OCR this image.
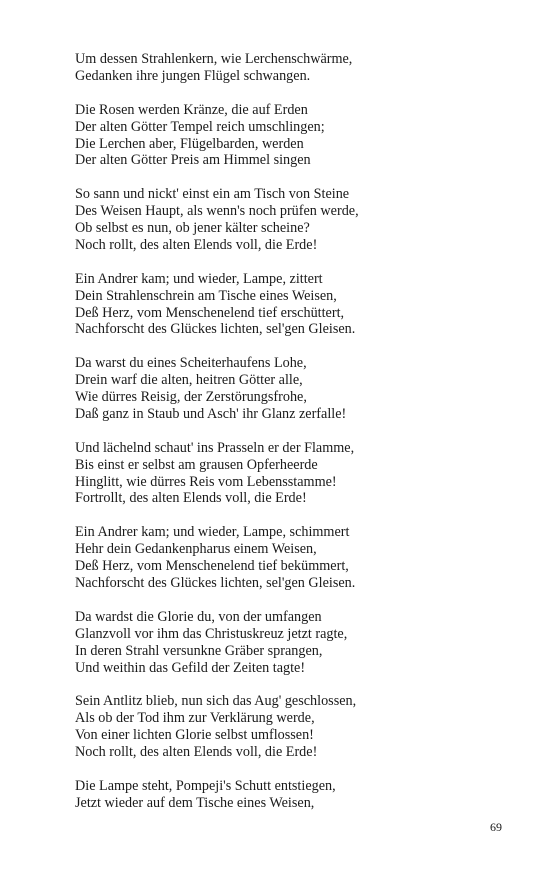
Um dessen Strahlenkern, wie Lerchenschwärme,
Gedanken ihre jungen Flügel schwangen.
Die Rosen werden Kränze, die auf Erden
Der alten Götter Tempel reich umschlingen;
Die Lerchen aber, Flügelbarden, werden
Der alten Götter Preis am Himmel singen
So sann und nickt' einst ein am Tisch von Steine
Des Weisen Haupt, als wenn's noch prüfen werde,
Ob selbst es nun, ob jener kälter scheine?
Noch rollt, des alten Elends voll, die Erde!
Ein Andrer kam; und wieder, Lampe, zittert
Dein Strahlenschrein am Tische eines Weisen,
Deß Herz, vom Menschenelend tief erschüttert,
Nachforscht des Glückes lichten, sel'gen Gleisen.
Da warst du eines Scheiterhaufens Lohe,
Drein warf die alten, heitren Götter alle,
Wie dürres Reisig, der Zerstörungsfrohe,
Daß ganz in Staub und Asch' ihr Glanz zerfalle!
Und lächelnd schaut' ins Prasseln er der Flamme,
Bis einst er selbst am grausen Opferheerde
Hinglitt, wie dürres Reis vom Lebensstamme!
Fortrollt, des alten Elends voll, die Erde!
Ein Andrer kam; und wieder, Lampe, schimmert
Hehr dein Gedankenpharus einem Weisen,
Deß Herz, vom Menschenelend tief bekümmert,
Nachforscht des Glückes lichten, sel'gen Gleisen.
Da wardst die Glorie du, von der umfangen
Glanzvoll vor ihm das Christuskreuz jetzt ragte,
In deren Strahl versunkne Gräber sprangen,
Und weithin das Gefild der Zeiten tagte!
Sein Antlitz blieb, nun sich das Aug' geschlossen,
Als ob der Tod ihm zur Verklärung werde,
Von einer lichten Glorie selbst umflossen!
Noch rollt, des alten Elends voll, die Erde!
Die Lampe steht, Pompeji's Schutt entstiegen,
Jetzt wieder auf dem Tische eines Weisen,
69
